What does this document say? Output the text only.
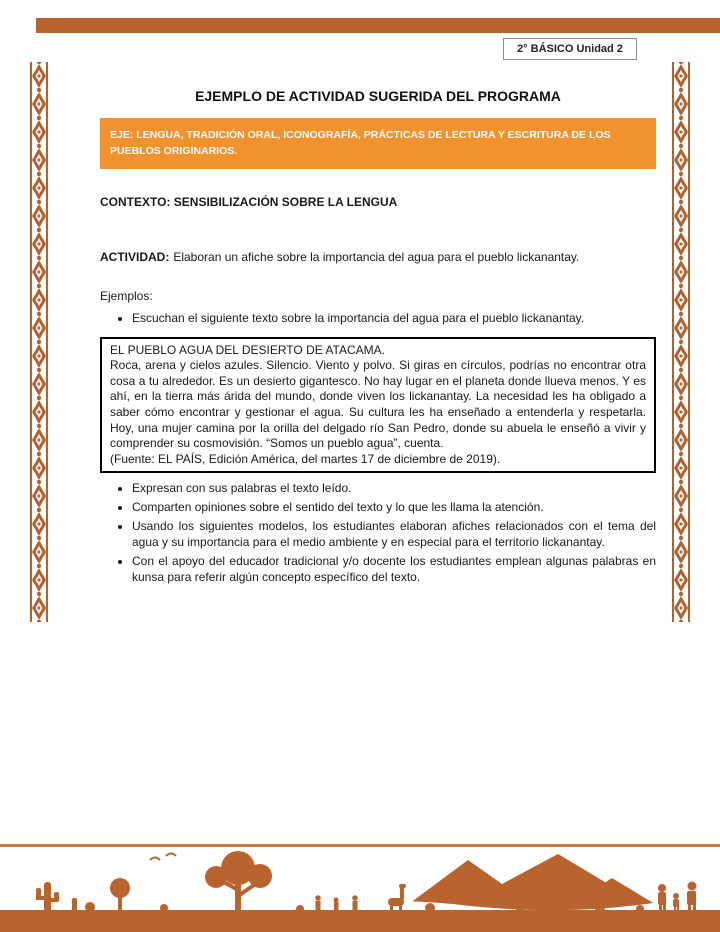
2° BÁSICO Unidad 2
EJEMPLO DE ACTIVIDAD SUGERIDA DEL PROGRAMA
EJE: LENGUA, TRADICIÓN ORAL, ICONOGRAFÍA, PRÁCTICAS DE LECTURA Y ESCRITURA DE LOS PUEBLOS ORIGINARIOS.
CONTEXTO: SENSIBILIZACIÓN SOBRE LA LENGUA

ACTIVIDAD: Elaboran un afiche sobre la importancia del agua para el pueblo lickanantay.

Ejemplos:

• Escuchan el siguiente texto sobre la importancia del agua para el pueblo lickanantay.

EL PUEBLO AGUA DEL DESIERTO DE ATACAMA.

Roca, arena y cielos azules. Silencio. Viento y polvo. Si giras en círculos, podrías no encontrar otra cosa a tu alrededor. Es un desierto gigantesco. No hay lugar en el planeta donde llueva menos. Y es ahí, en la tierra más árida del mundo, donde viven los lickanantay. La necesidad les ha obligado a saber cómo encontrar y gestionar el agua. Su cultura les ha enseñado a entenderla y respetarla. Hoy, una mujer camina por la orilla del delgado río San Pedro, donde su abuela le enseñó a vivir y comprender su cosmovisión. “Somos un pueblo agua”, cuenta.

(Fuente: EL PAÍS, Edición América, del martes 17 de diciembre de 2019).

• Expresan con sus palabras el texto leído.
• Comparten opiniones sobre el sentido del texto y lo que les llama la atención.
• Usando los siguientes modelos, los estudiantes elaboran afiches relacionados con el tema del agua y su importancia para el medio ambiente y en especial para el territorio lickanantay.
• Con el apoyo del educador tradicional y/o docente los estudiantes emplean algunas palabras en kunsa para referir algún concepto específico del texto.
